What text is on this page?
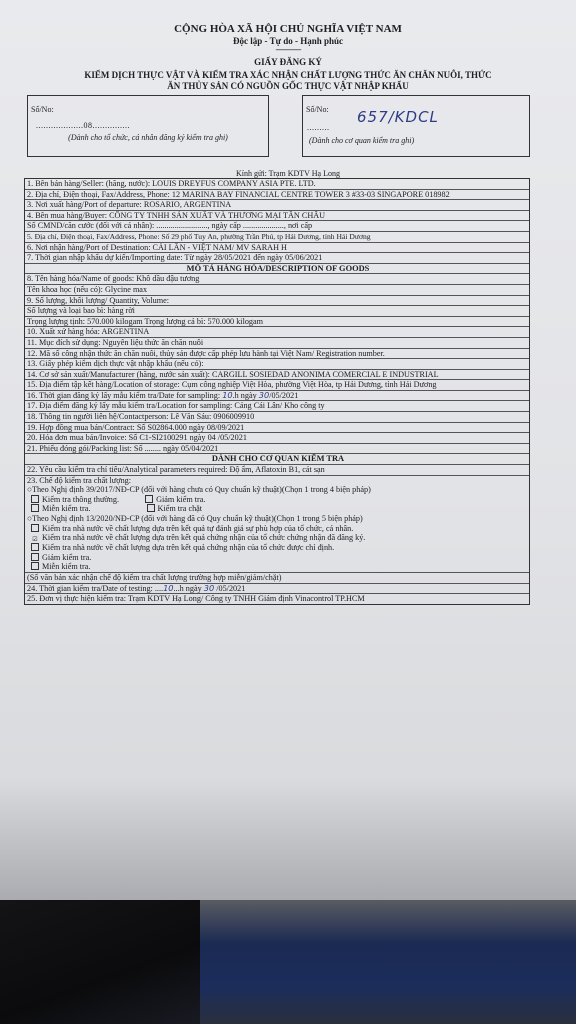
CỘNG HÒA XÃ HỘI CHỦ NGHĨA VIỆT NAM
Độc lập - Tự do - Hạnh phúc
---------------
GIẤY ĐĂNG KÝ
KIỂM DỊCH THỰC VẬT VÀ KIỂM TRA XÁC NHẬN CHẤT LƯỢNG THỨC ĂN CHĂN NUÔI, THỨC
ĂN THỦY SẢN CÓ NGUỒN GỐC THỰC VẬT NHẬP KHẨU
Số/No:
...................08...............
(Dành cho tổ chức, cá nhân đăng ký kiểm tra ghi)
Số/No:
.........
657/KDCL
(Dành cho cơ quan kiểm tra ghi)
Kính gửi: Trạm KDTV Hạ Long
1. Bên bán hàng/Seller: (hãng, nước): LOUIS DREYFUS COMPANY ASIA PTE. LTD.
2. Địa chỉ, Điện thoại, Fax/Address, Phone: 12 MARINA BAY FINANCIAL CENTRE TOWER 3 #33-03 SINGAPORE 018982
3. Nơi xuất hàng/Port of departure: ROSARIO, ARGENTINA
4. Bên mua hàng/Buyer: CÔNG TY TNHH SẢN XUẤT VÀ THƯƠNG MẠI TÂN CHÂU
Số CMND/căn cước (đối với cá nhân): ........................., ngày cấp ...................., nơi cấp
5. Địa chỉ, Điện thoại, Fax/Address, Phone: Số 29 phố Tuy An, phường Trần Phú, tp Hải Dương, tỉnh Hải Dương
6. Nơi nhận hàng/Port of Destination: CÁI LÂN - VIỆT NAM/ MV SARAH H
7. Thời gian nhập khẩu dự kiến/Importing date: Từ ngày 28/05/2021 đến ngày 05/06/2021
MÔ TẢ HÀNG HÓA/DESCRIPTION OF GOODS
8. Tên hàng hóa/Name of goods: Khô dầu đậu tương
Tên khoa học (nếu có): Glycine max
9. Số lượng, khối lượng/ Quantity, Volume:
Số lượng và loại bao bì: hàng rời
Trọng lượng tịnh: 570.000 kilogam Trọng lượng cả bì: 570.000 kilogam
10. Xuất xứ hàng hóa: ARGENTINA
11. Mục đích sử dụng: Nguyên liệu thức ăn chăn nuôi
12. Mã số công nhận thức ăn chăn nuôi, thủy sản được cấp phép lưu hành tại Việt Nam/ Registration number.
13. Giấy phép kiểm dịch thực vật nhập khẩu (nếu có):
14. Cơ sở sản xuất/Manufacturer (hãng, nước sản xuất): CARGILL SOSIEDAD ANONIMA COMERCIAL E INDUSTRIAL
15. Địa điểm tập kết hàng/Location of storage: Cụm công nghiệp Việt Hòa, phường Việt Hòa, tp Hải Dương, tỉnh Hải Dương
16. Thời gian đăng ký lấy mẫu kiểm tra/Date for sampling: 10.h ngày 30/05/2021
17. Địa điểm đăng ký lấy mẫu kiểm tra/Location for sampling: Cảng Cái Lân/ Kho công ty
18. Thông tin người liên hệ/Contactperson: Lê Văn Sáu: 0906009910
19. Hợp đồng mua bán/Contract: Số S02864.000 ngày 08/09/2021
20. Hóa đơn mua bán/Invoice: Số C1-SI2100291 ngày 04 /05/2021
21. Phiếu đóng gói/Packing list: Số ........ ngày 05/04/2021
DÀNH CHO CƠ QUAN KIỂM TRA
22. Yêu cầu kiểm tra chỉ tiêu/Analytical parameters required: Độ ẩm, Aflatoxin B1, cát sạn
23. Chế độ kiểm tra chất lượng:
○Theo Nghị định 39/2017/NĐ-CP (đối với hàng chưa có Quy chuẩn kỹ thuật)(Chọn 1 trong 4 biện pháp)
Kiểm tra thông thường.	Giảm kiểm tra.
Miễn kiểm tra.	Kiểm tra chặt
○Theo Nghị định 13/2020/NĐ-CP (đối với hàng đã có Quy chuẩn kỹ thuật)(Chọn 1 trong 5 biện pháp)
Kiểm tra nhà nước về chất lượng dựa trên kết quả tự đánh giá sự phù hợp của tổ chức, cá nhân.
☑ Kiểm tra nhà nước về chất lượng dựa trên kết quả chứng nhận của tổ chức chứng nhận đã đăng ký.
Kiểm tra nhà nước về chất lượng dựa trên kết quả chứng nhận của tổ chức được chỉ định.
Giảm kiểm tra.
Miễn kiểm tra.
(Số văn bản xác nhận chế độ kiểm tra chất lượng trường hợp miễn/giảm/chặt)
24. Thời gian kiểm tra/Date of testing: ....10...h ngày 30 /05/2021
25. Đơn vị thực hiện kiểm tra: Trạm KDTV Hạ Long/ Công ty TNHH Giám định Vinacontrol TP.HCM
